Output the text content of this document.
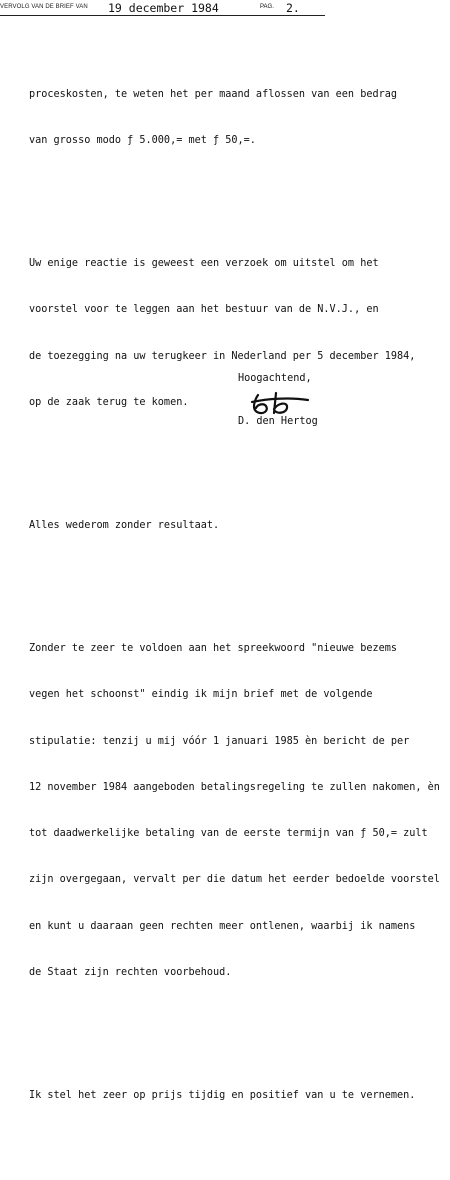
VERVOLG VAN DE BRIEF VAN 19 december 1984	PAG. 2.

proceskosten, te weten het per maand aflossen van een bedrag

van grosso modo ƒ 5.000,= met ƒ 50,=.

Uw enige reactie is geweest een verzoek om uitstel om het

voorstel voor te leggen aan het bestuur van de N.V.J., en

de toezegging na uw terugkeer in Nederland per 5 december 1984,

op de zaak terug te komen.

Alles wederom zonder resultaat.

Zonder te zeer te voldoen aan het spreekwoord "nieuwe bezems

vegen het schoonst" eindig ik mijn brief met de volgende

stipulatie: tenzij u mij vóór 1 januari 1985 èn bericht de per

12 november 1984 aangeboden betalingsregeling te zullen nakomen, èn

tot daadwerkelijke betaling van de eerste termijn van ƒ 50,= zult

zijn overgegaan, vervalt per die datum het eerder bedoelde voorstel

en kunt u daaraan geen rechten meer ontlenen, waarbij ik namens

de Staat zijn rechten voorbehoud.

Ik stel het zeer op prijs tijdig en positief van u te vernemen.

Hoogachtend,
D. den Hertog
